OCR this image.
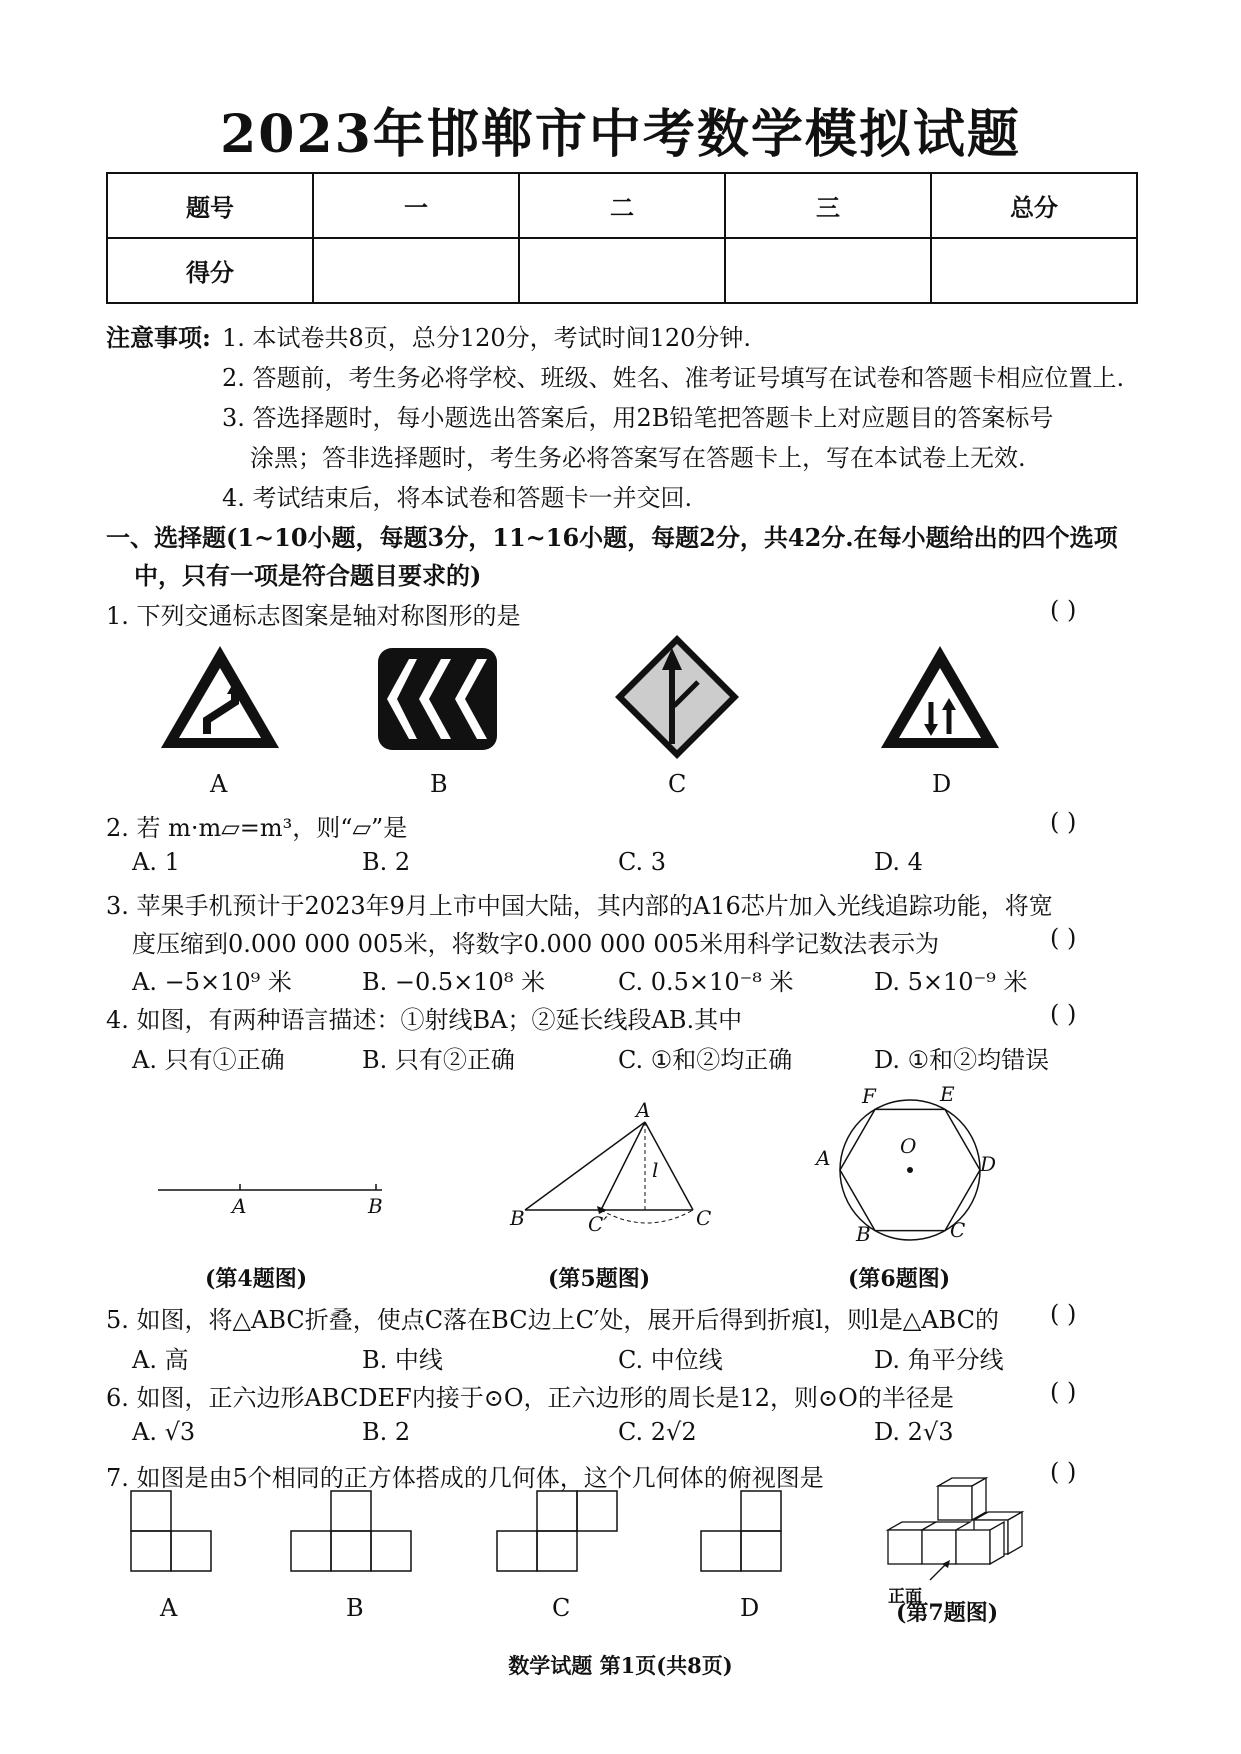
2023年邯郸市中考数学模拟试题
题号	一	二	三	总分
得分				
注意事项: 1. 本试卷共8页，总分120分，考试时间120分钟.
2. 答题前，考生务必将学校、班级、姓名、准考证号填写在试卷和答题卡相应位置上.
3. 答选择题时，每小题选出答案后，用2B铅笔把答题卡上对应题目的答案标号
涂黑；答非选择题时，考生务必将答案写在答题卡上，写在本试卷上无效.
4. 考试结束后，将本试卷和答题卡一并交回.
一、选择题(1~10小题，每题3分，11~16小题，每题2分，共42分.在每小题给出的四个选项
中，只有一项是符合题目要求的)
1. 下列交通标志图案是轴对称图形的是	( )
A	B	C	D
2. 若 m·m▱=m³，则“▱”是	( )
A. 1	B. 2	C. 3	D. 4
3. 苹果手机预计于2023年9月上市中国大陆，其内部的A16芯片加入光线追踪功能，将宽
度压缩到0.000 000 005米，将数字0.000 000 005米用科学记数法表示为	( )
A. −5×10⁹ 米	B. −0.5×10⁸ 米	C. 0.5×10⁻⁸ 米	D. 5×10⁻⁹ 米
4. 如图，有两种语言描述：①射线BA；②延长线段AB.其中	( )
A. 只有①正确	B. 只有②正确	C. ①和②均正确	D. ①和②均错误
A	B
(第4题图)
A
B	C′	C
l
(第5题图)
F	E
A	D
O
B	C
(第6题图)
5. 如图，将△ABC折叠，使点C落在BC边上C′处，展开后得到折痕l，则l是△ABC的 ( )
A. 高	B. 中线	C. 中位线	D. 角平分线
6. 如图，正六边形ABCDEF内接于⊙O，正六边形的周长是12，则⊙O的半径是	( )
A. √3	B. 2	C. 2√2	D. 2√3
7. 如图是由5个相同的正方体搭成的几何体，这个几何体的俯视图是	( )
A	B	C	D	正面
(第7题图)
数学试题 第1页(共8页)
